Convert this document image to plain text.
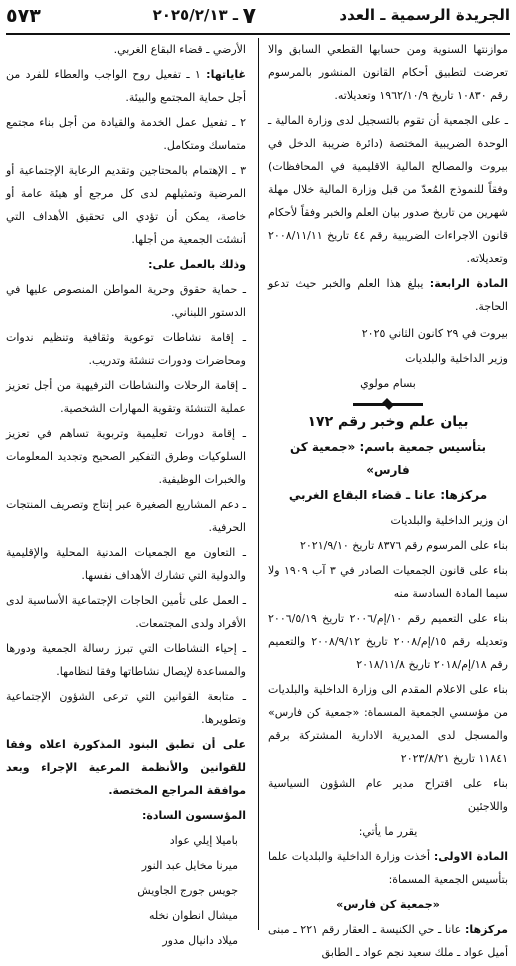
الجريدة الرسمية ـ العدد
٧
ـ ٢٠٢٥/٢/١٣
٥٧٣

موازنتها السنوية ومن حسابها القطعي السابق والا تعرضت لتطبيق أحكام القانون المنشور بالمرسوم رقم ١٠٨٣٠ تاريخ ١٩٦٢/١٠/٩ وتعديلاته.

ـ على الجمعية أن تقوم بالتسجيل لدى وزارة المالية ـ الوحدة الضريبية المختصة (دائرة ضريبة الدخل في بيروت والمصالح المالية الاقليمية في المحافظات) وفقاً للنموذج المُعدّ من قبل وزارة المالية خلال مهلة شهرين من تاريخ صدور بيان العلم والخبر وفقاً لأحكام قانون الاجراءات الضريبية رقم ٤٤ تاريخ ٢٠٠٨/١١/١١ وتعديلاته.

المادة الرابعة: يبلغ هذا العلم والخبر حيث تدعو الحاجة.

بيروت في ٢٩ كانون الثاني ٢٠٢٥

وزير الداخلية والبلديات

بسام مولوي

بيان علم وخبر رقم ١٧٢

بتأسيس جمعية باسم: «جمعية كن فارس»

مركزها: عانا ـ قضاء البقاع الغربي

ان وزير الداخلية والبلديات

بناء على المرسوم رقم ٨٣٧٦ تاريخ ٢٠٢١/٩/١٠

بناء على قانون الجمعيات الصادر في ٣ آب ١٩٠٩ ولا سيما المادة السادسة منه

بناء على التعميم رقم ١٠/إم/٢٠٠٦ تاريخ ٢٠٠٦/٥/١٩ وتعديله رقم ١٥/إم/٢٠٠٨ تاريخ ٢٠٠٨/٩/١٢ والتعميم رقم ١٨/إم/٢٠١٨ تاريخ ٢٠١٨/١١/٨

بناء على الاعلام المقدم الى وزارة الداخلية والبلديات من مؤسسي الجمعية المسماة: «جمعية كن فارس» والمسجل لدى المديرية الادارية المشتركة برقم ١١٨٤١ تاريخ ٢٠٢٣/٨/٢١

بناء على اقتراح مدير عام الشؤون السياسية واللاجئين

يقرر ما يأتي:

المادة الاولى: أخذت وزارة الداخلية والبلديات علما بتأسيس الجمعية المسماة:

«جمعية كن فارس»

مركزها: عانا ـ حي الكنيسة ـ العقار رقم ٢٢١ ـ مبنى أميل عواد ـ ملك سعيد نجم عواد ـ الطابق

الأرضي ـ قضاء البقاع الغربي.

غاياتها: ١ ـ تفعيل روح الواجب والعطاء للفرد من أجل حماية المجتمع والبيئة.

٢ ـ تفعيل عمل الخدمة والقيادة من أجل بناء مجتمع متماسك ومتكامل.

٣ ـ الإهتمام بالمحتاجين وتقديم الرعاية الإجتماعية أو المرضية وتمثيلهم لدى كل مرجع أو هيئة عامة أو خاصة، يمكن أن تؤدي الى تحقيق الأهداف التي أنشئت الجمعية من أجلها.

وذلك بالعمل على:

ـ حماية حقوق وحرية المواطن المنصوص عليها في الدستور اللبناني.

ـ إقامة نشاطات توعوية وثقافية وتنظيم ندوات ومحاضرات ودورات تنشئة وتدريب.

ـ إقامة الرحلات والنشاطات الترفيهية من أجل تعزيز عملية التنشئة وتقوية المهارات الشخصية.

ـ إقامة دورات تعليمية وتربوية تساهم في تعزيز السلوكيات وطرق التفكير الصحيح وتجديد المعلومات والخبرات الوظيفية.

ـ دعم المشاريع الصغيرة عبر إنتاج وتصريف المنتجات الحرفية.

ـ التعاون مع الجمعيات المدنية المحلية والإقليمية والدولية التي تشارك الأهداف نفسها.

ـ العمل على تأمين الحاجات الإجتماعية الأساسية لدى الأفراد ولدى المجتمعات.

ـ إحياء النشاطات التي تبرز رسالة الجمعية ودورها والمساعدة لإيصال نشاطاتها وفقا لنظامها.

ـ متابعة القوانين التي ترعى الشؤون الإجتماعية وتطويرها.

على أن تطبق البنود المذكورة اعلاه وفقا للقوانين والأنظمة المرعية الإجراء وبعد موافقة المراجع المختصة.

المؤسسون السادة:

باميلا إيلي عواد

ميرنا مخايل عبد النور

جويس جورج الجاويش

ميشال انطوان نخله

ميلاد دانيال مدور
